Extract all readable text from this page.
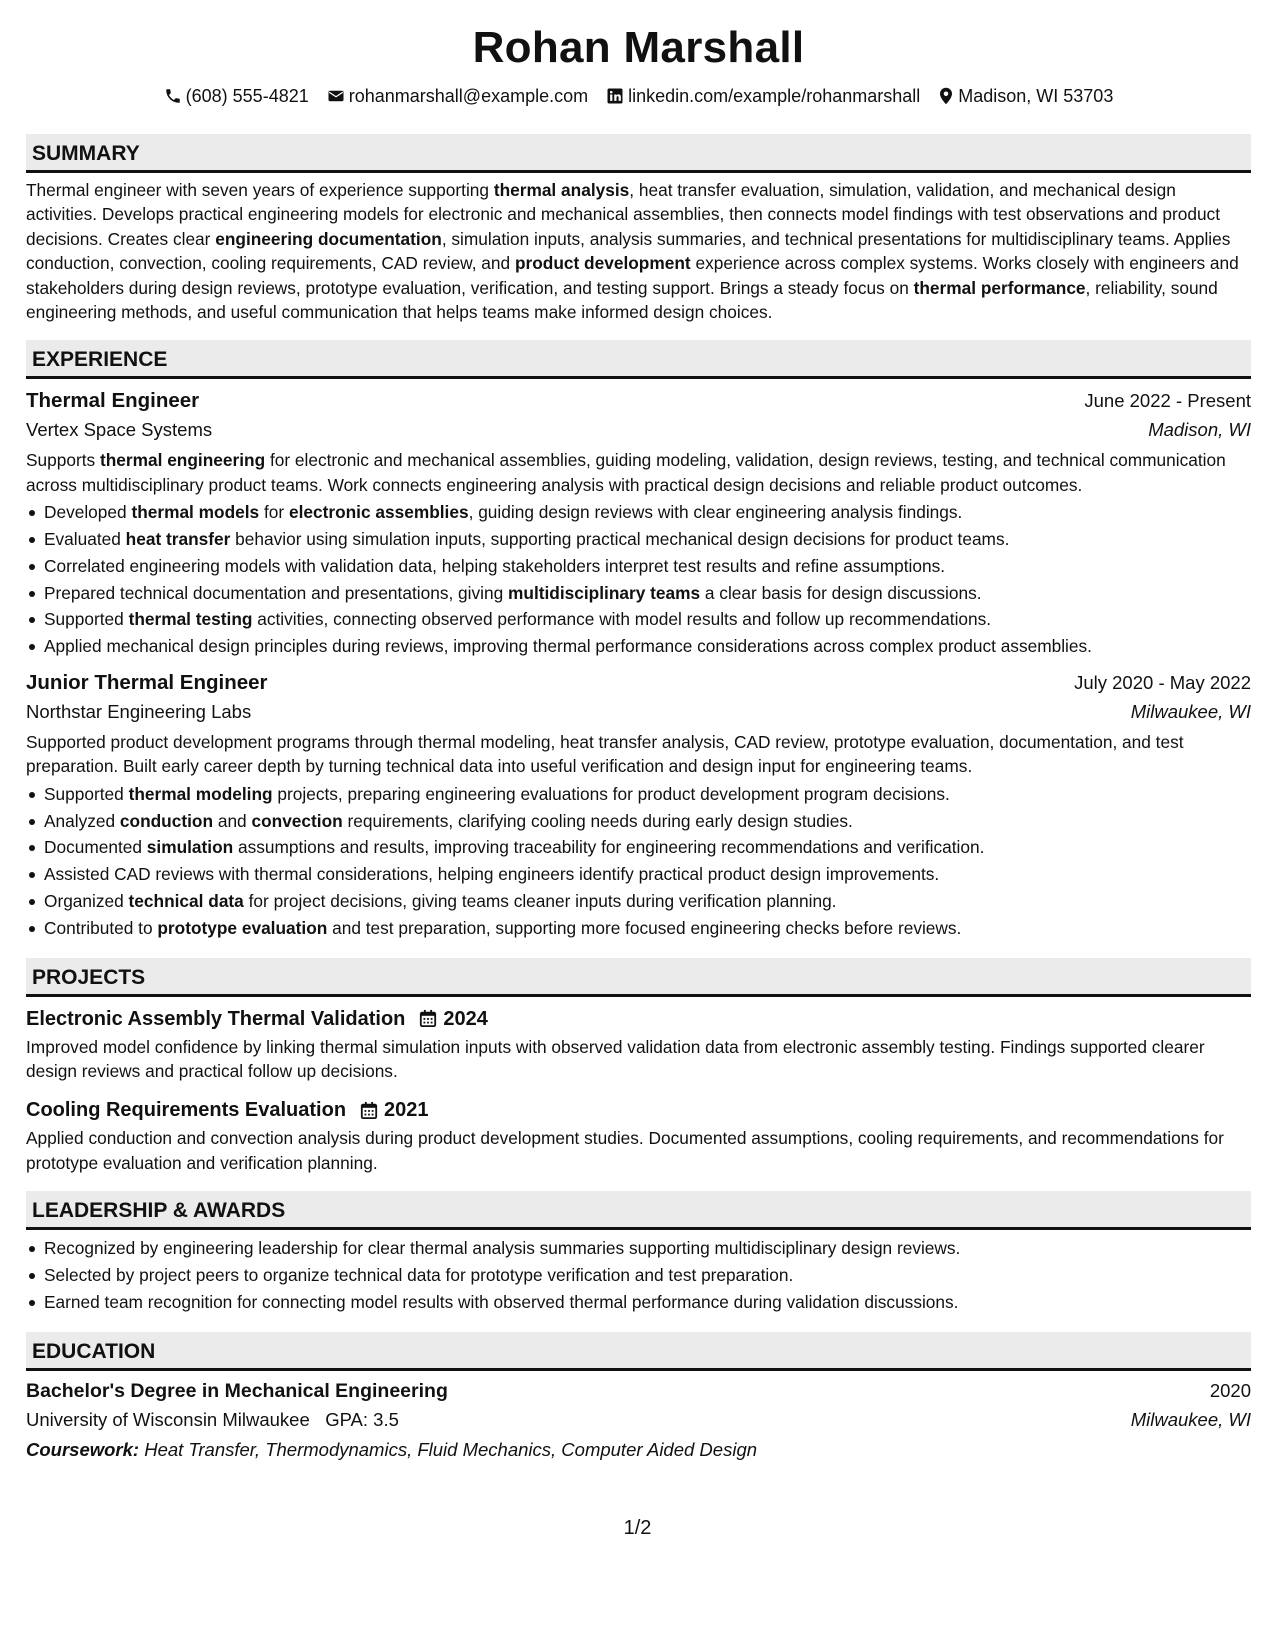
Rohan Marshall
(608) 555-4821 rohanmarshall@example.com linkedin.com/example/rohanmarshall Madison, WI 53703
SUMMARY
Thermal engineer with seven years of experience supporting thermal analysis, heat transfer evaluation, simulation, validation, and mechanical design activities. Develops practical engineering models for electronic and mechanical assemblies, then connects model findings with test observations and product decisions. Creates clear engineering documentation, simulation inputs, analysis summaries, and technical presentations for multidisciplinary teams. Applies conduction, convection, cooling requirements, CAD review, and product development experience across complex systems. Works closely with engineers and stakeholders during design reviews, prototype evaluation, verification, and testing support. Brings a steady focus on thermal performance, reliability, sound engineering methods, and useful communication that helps teams make informed design choices.
EXPERIENCE
Thermal Engineer	June 2022 - Present
Vertex Space Systems	Madison, WI
Supports thermal engineering for electronic and mechanical assemblies, guiding modeling, validation, design reviews, testing, and technical communication across multidisciplinary product teams. Work connects engineering analysis with practical design decisions and reliable product outcomes.
Developed thermal models for electronic assemblies, guiding design reviews with clear engineering analysis findings.
Evaluated heat transfer behavior using simulation inputs, supporting practical mechanical design decisions for product teams.
Correlated engineering models with validation data, helping stakeholders interpret test results and refine assumptions.
Prepared technical documentation and presentations, giving multidisciplinary teams a clear basis for design discussions.
Supported thermal testing activities, connecting observed performance with model results and follow up recommendations.
Applied mechanical design principles during reviews, improving thermal performance considerations across complex product assemblies.
Junior Thermal Engineer	July 2020 - May 2022
Northstar Engineering Labs	Milwaukee, WI
Supported product development programs through thermal modeling, heat transfer analysis, CAD review, prototype evaluation, documentation, and test preparation. Built early career depth by turning technical data into useful verification and design input for engineering teams.
Supported thermal modeling projects, preparing engineering evaluations for product development program decisions.
Analyzed conduction and convection requirements, clarifying cooling needs during early design studies.
Documented simulation assumptions and results, improving traceability for engineering recommendations and verification.
Assisted CAD reviews with thermal considerations, helping engineers identify practical product design improvements.
Organized technical data for project decisions, giving teams cleaner inputs during verification planning.
Contributed to prototype evaluation and test preparation, supporting more focused engineering checks before reviews.
PROJECTS
Electronic Assembly Thermal Validation 2024
Improved model confidence by linking thermal simulation inputs with observed validation data from electronic assembly testing. Findings supported clearer design reviews and practical follow up decisions.
Cooling Requirements Evaluation 2021
Applied conduction and convection analysis during product development studies. Documented assumptions, cooling requirements, and recommendations for prototype evaluation and verification planning.
LEADERSHIP & AWARDS
Recognized by engineering leadership for clear thermal analysis summaries supporting multidisciplinary design reviews.
Selected by project peers to organize technical data for prototype verification and test preparation.
Earned team recognition for connecting model results with observed thermal performance during validation discussions.
EDUCATION
Bachelor's Degree in Mechanical Engineering	2020
University of Wisconsin Milwaukee GPA: 3.5	Milwaukee, WI
Coursework: Heat Transfer, Thermodynamics, Fluid Mechanics, Computer Aided Design
1/2
